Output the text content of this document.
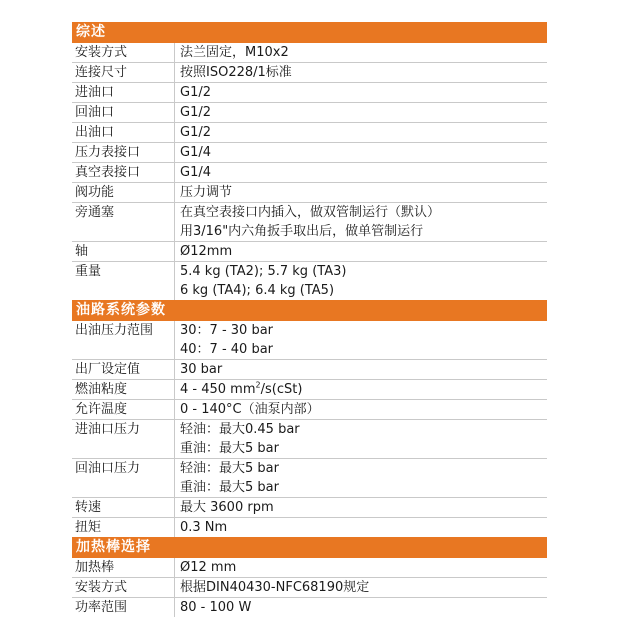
综述
安装方式	法兰固定，M10x2
连接尺寸	按照ISO228/1标准
进油口	G1/2
回油口	G1/2
出油口	G1/2
压力表接口	G1/4
真空表接口	G1/4
阀功能	压力调节
旁通塞	在真空表接口内插入，做双管制运行（默认）
用3/16"内六角扳手取出后，做单管制运行
轴	Ø12mm
重量	5.4 kg (TA2); 5.7 kg (TA3)
6 kg (TA4); 6.4 kg (TA5)
油路系统参数
出油压力范围	30：7 - 30 bar
40：7 - 40 bar
出厂设定值	30 bar
燃油粘度	4 - 450 $mm^2/s(cSt)$
允许温度	0 - 140°C（油泵内部）
进油口压力	轻油：最大0.45 bar
重油：最大5 bar
回油口压力	轻油：最大5 bar
重油：最大5 bar
转速	最大 3600 rpm
扭矩	0.3 Nm
加热棒选择
加热棒	Ø12 mm
安装方式	根据DIN40430-NFC68190规定
功率范围	80 - 100 W
